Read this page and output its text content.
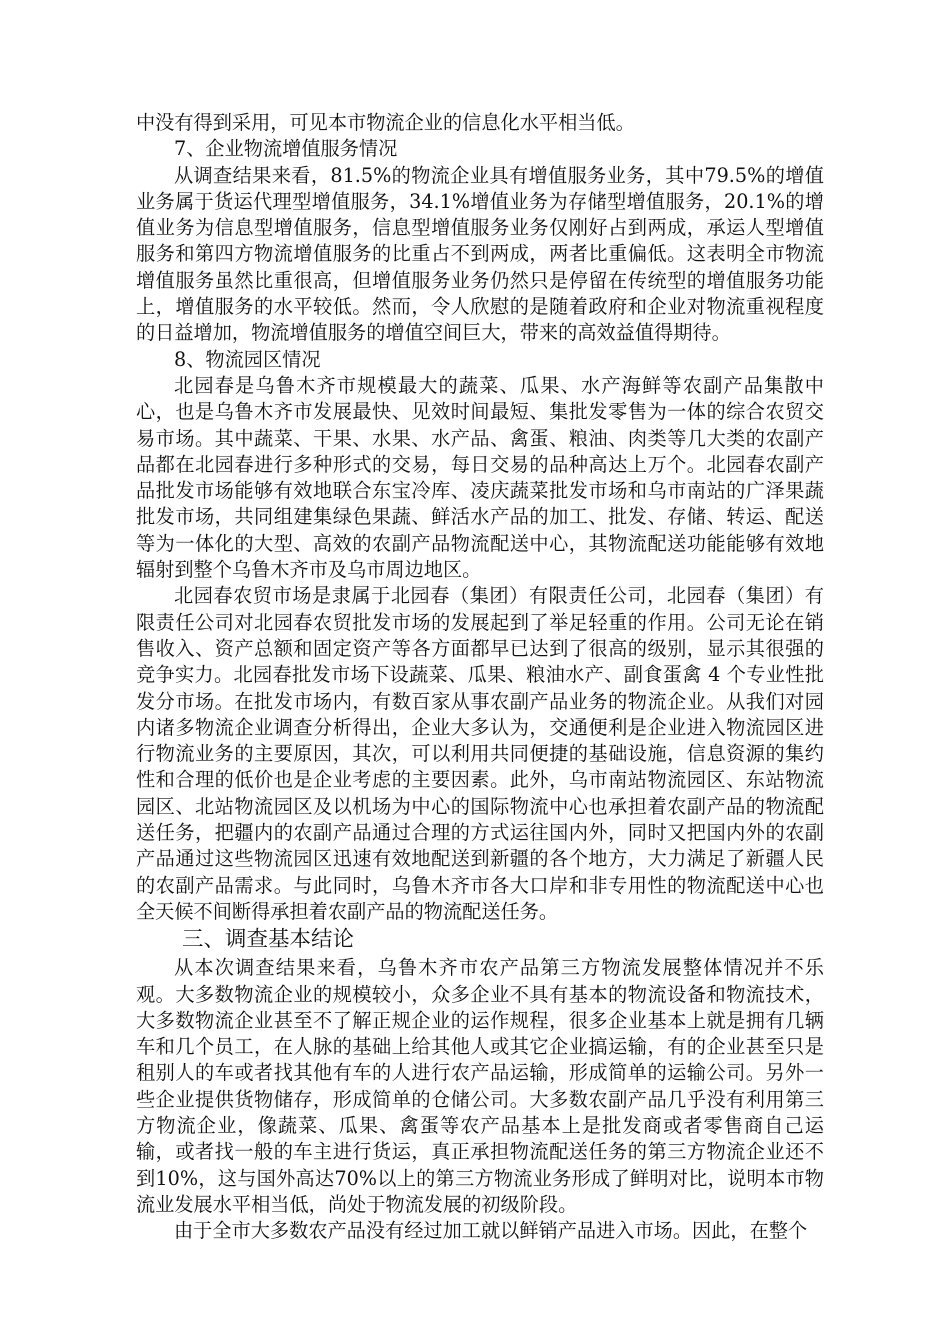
中没有得到采用，可见本市物流企业的信息化水平相当低。

7、企业物流增值服务情况

从调查结果来看，81.5%的物流企业具有增值服务业务，其中79.5%的增值业务属于货运代理型增值服务，34.1%增值业务为存储型增值服务，20.1%的增值业务为信息型增值服务，信息型增值服务业务仅刚好占到两成，承运人型增值服务和第四方物流增值服务的比重占不到两成，两者比重偏低。这表明全市物流增值服务虽然比重很高，但增值服务业务仍然只是停留在传统型的增值服务功能上，增值服务的水平较低。然而，令人欣慰的是随着政府和企业对物流重视程度的日益增加，物流增值服务的增值空间巨大，带来的高效益值得期待。

8、物流园区情况

北园春是乌鲁木齐市规模最大的蔬菜、瓜果、水产海鲜等农副产品集散中心，也是乌鲁木齐市发展最快、见效时间最短、集批发零售为一体的综合农贸交易市场。其中蔬菜、干果、水果、水产品、禽蛋、粮油、肉类等几大类的农副产品都在北园春进行多种形式的交易，每日交易的品种高达上万个。北园春农副产品批发市场能够有效地联合东宝冷库、凌庆蔬菜批发市场和乌市南站的广泽果蔬批发市场，共同组建集绿色果蔬、鲜活水产品的加工、批发、存储、转运、配送等为一体化的大型、高效的农副产品物流配送中心，其物流配送功能能够有效地辐射到整个乌鲁木齐市及乌市周边地区。

北园春农贸市场是隶属于北园春（集团）有限责任公司，北园春（集团）有限责任公司对北园春农贸批发市场的发展起到了举足轻重的作用。公司无论在销售收入、资产总额和固定资产等各方面都早已达到了很高的级别，显示其很强的竞争实力。北园春批发市场下设蔬菜、瓜果、粮油水产、副食蛋禽 4 个专业性批发分市场。在批发市场内，有数百家从事农副产品业务的物流企业。从我们对园内诸多物流企业调查分析得出，企业大多认为，交通便利是企业进入物流园区进行物流业务的主要原因，其次，可以利用共同便捷的基础设施，信息资源的集约性和合理的低价也是企业考虑的主要因素。此外，乌市南站物流园区、东站物流园区、北站物流园区及以机场为中心的国际物流中心也承担着农副产品的物流配送任务，把疆内的农副产品通过合理的方式运往国内外，同时又把国内外的农副产品通过这些物流园区迅速有效地配送到新疆的各个地方，大力满足了新疆人民的农副产品需求。与此同时，乌鲁木齐市各大口岸和非专用性的物流配送中心也全天候不间断得承担着农副产品的物流配送任务。

三、调查基本结论

从本次调查结果来看，乌鲁木齐市农产品第三方物流发展整体情况并不乐观。大多数物流企业的规模较小，众多企业不具有基本的物流设备和物流技术，大多数物流企业甚至不了解正规企业的运作规程，很多企业基本上就是拥有几辆车和几个员工，在人脉的基础上给其他人或其它企业搞运输，有的企业甚至只是租别人的车或者找其他有车的人进行农产品运输，形成简单的运输公司。另外一些企业提供货物储存，形成简单的仓储公司。大多数农副产品几乎没有利用第三方物流企业，像蔬菜、瓜果、禽蛋等农产品基本上是批发商或者零售商自己运输，或者找一般的车主进行货运，真正承担物流配送任务的第三方物流企业还不到10%，这与国外高达70%以上的第三方物流业务形成了鲜明对比，说明本市物流业发展水平相当低，尚处于物流发展的初级阶段。

由于全市大多数农产品没有经过加工就以鲜销产品进入市场。因此，在整个
